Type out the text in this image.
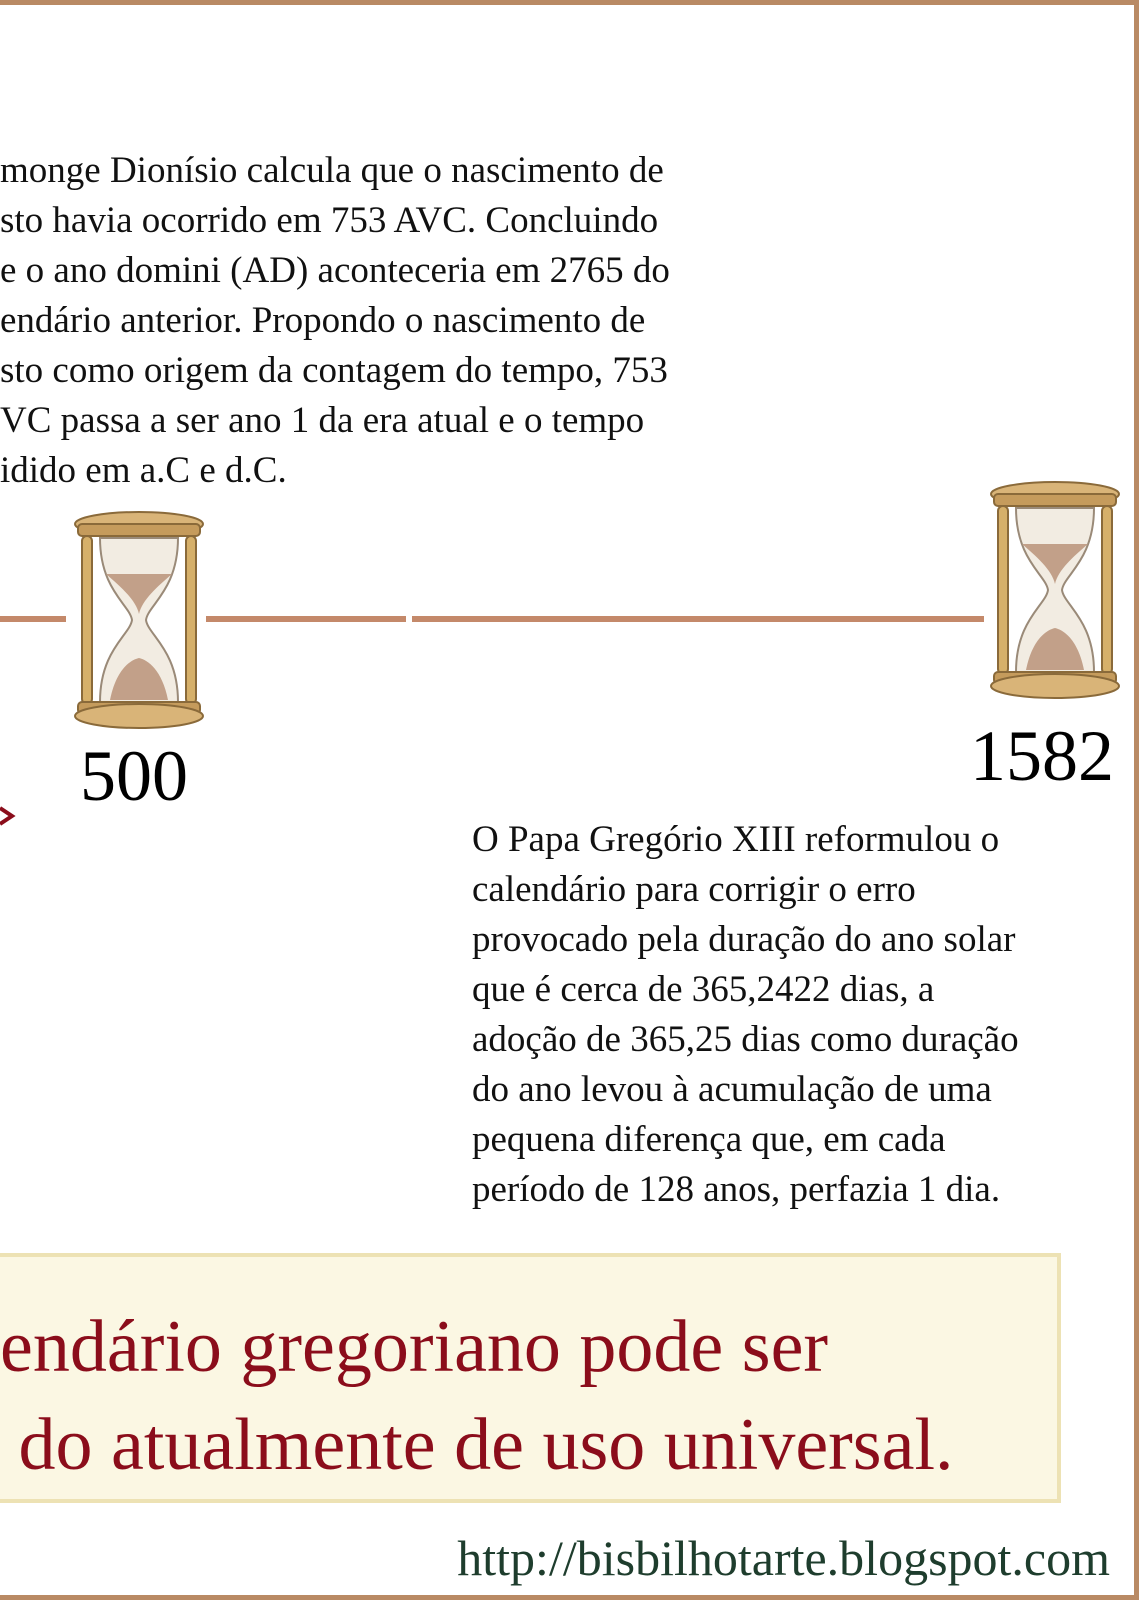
monge Dionísio calcula que o nascimento de
sto havia ocorrido em 753 AVC. Concluindo
e o ano domini (AD) aconteceria em 2765 do
endário anterior. Propondo o nascimento de
sto como origem da contagem do tempo, 753
VC passa a ser ano 1 da era atual e o tempo
idido em a.C e d.C.

500	1582

O Papa Gregório XIII reformulou o
calendário para corrigir o erro
provocado pela duração do ano solar
que é cerca de 365,2422 dias, a
adoção de 365,25 dias como duração
do ano levou à acumulação de uma
pequena diferença que, em cada
período de 128 anos, perfazia 1 dia.

endário gregoriano pode ser
do atualmente de uso universal.
http://bisbilhotarte.blogspot.com
